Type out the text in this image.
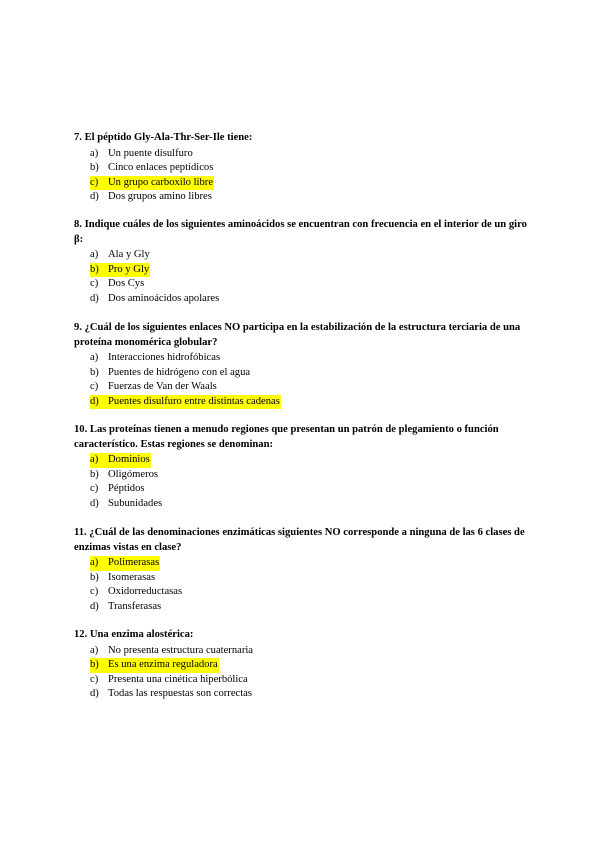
7. El péptido Gly-Ala-Thr-Ser-Ile tiene:

a) Un puente disulfuro
b) Cinco enlaces peptídicos
c) Un grupo carboxilo libre
d) Dos grupos amino libres

8. Indique cuáles de los siguientes aminoácidos se encuentran con frecuencia en el interior de un giro β:

a) Ala y Gly
b) Pro y Gly
c) Dos Cys
d) Dos aminoácidos apolares

9. ¿Cuál de los siguientes enlaces NO participa en la estabilización de la estructura terciaria de una proteína monomérica globular?

a) Interacciones hidrofóbicas
b) Puentes de hidrógeno con el agua
c) Fuerzas de Van der Waals
d) Puentes disulfuro entre distintas cadenas

10. Las proteínas tienen a menudo regiones que presentan un patrón de plegamiento o función característico. Estas regiones se denominan:

a) Dominios
b) Oligómeros
c) Péptidos
d) Subunidades

11. ¿Cuál de las denominaciones enzimáticas siguientes NO corresponde a ninguna de las 6 clases de enzimas vistas en clase?

a) Polimerasas
b) Isomerasas
c) Oxidorreductasas
d) Transferasas

12. Una enzima alostérica:

a) No presenta estructura cuaternaria
b) Es una enzima reguladora
c) Presenta una cinética hiperbólica
d) Todas las respuestas son correctas
